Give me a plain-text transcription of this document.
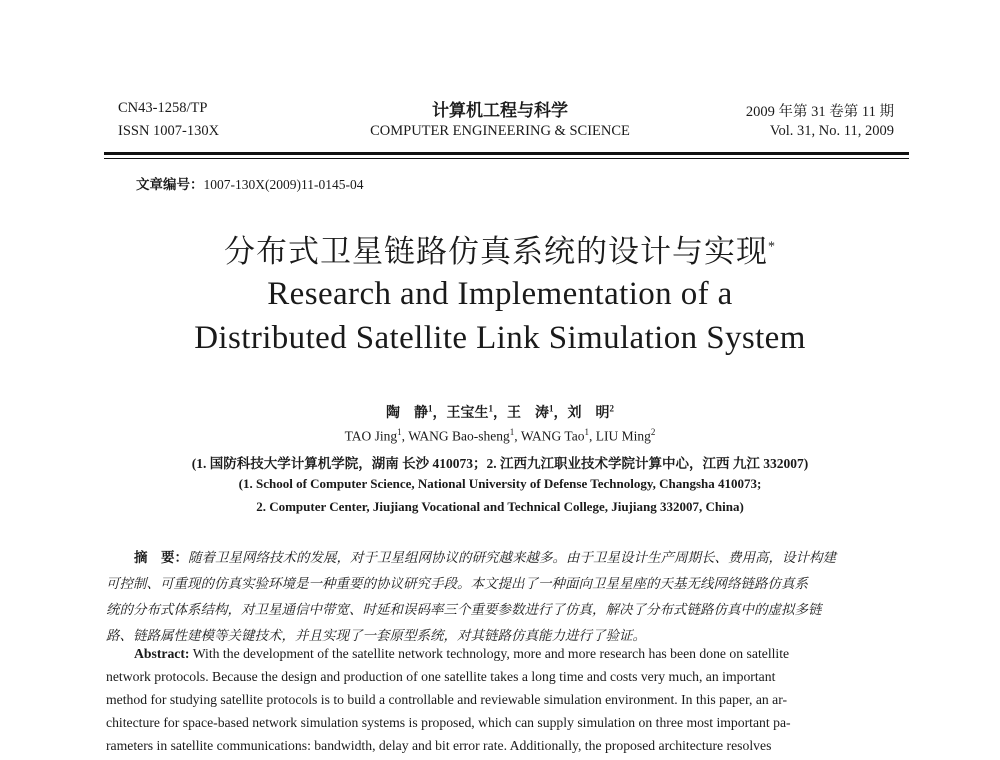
CN43-1258/TP
ISSN 1007-130X
计算机工程与科学
COMPUTER ENGINEERING & SCIENCE
2009 年第 31 卷第 11 期
Vol. 31, No. 11, 2009
文章编号：1007-130X(2009)11-0145-04
分布式卫星链路仿真系统的设计与实现*
Research and Implementation of a
Distributed Satellite Link Simulation System
陶　静$^1$，王宝生$^1$，王　涛$^1$，刘　明$^2$
TAO Jing$^1$, WANG Bao-sheng$^1$, WANG Tao$^1$, LIU Ming$^2$
(1. 国防科技大学计算机学院，湖南 长沙 410073；2. 江西九江职业技术学院计算中心，江西 九江 332007)
(1. School of Computer Science, National University of Defense Technology, Changsha 410073;
2. Computer Center, Jiujiang Vocational and Technical College, Jiujiang 332007, China)
摘　要：随着卫星网络技术的发展，对于卫星组网协议的研究越来越多。由于卫星设计生产周期长、费用高，设计构建
可控制、可重现的仿真实验环境是一种重要的协议研究手段。本文提出了一种面向卫星星座的天基无线网络链路仿真系
统的分布式体系结构，对卫星通信中带宽、时延和误码率三个重要参数进行了仿真，解决了分布式链路仿真中的虚拟多链
路、链路属性建模等关键技术，并且实现了一套原型系统，对其链路仿真能力进行了验证。
Abstract: With the development of the satellite network technology, more and more research has been done on satellite
network protocols. Because the design and production of one satellite takes a long time and costs very much, an important
method for studying satellite protocols is to build a controllable and reviewable simulation environment. In this paper, an ar-
chitecture for space-based network simulation systems is proposed, which can supply simulation on three most important pa-
rameters in satellite communications: bandwidth, delay and bit error rate. Additionally, the proposed architecture resolves
